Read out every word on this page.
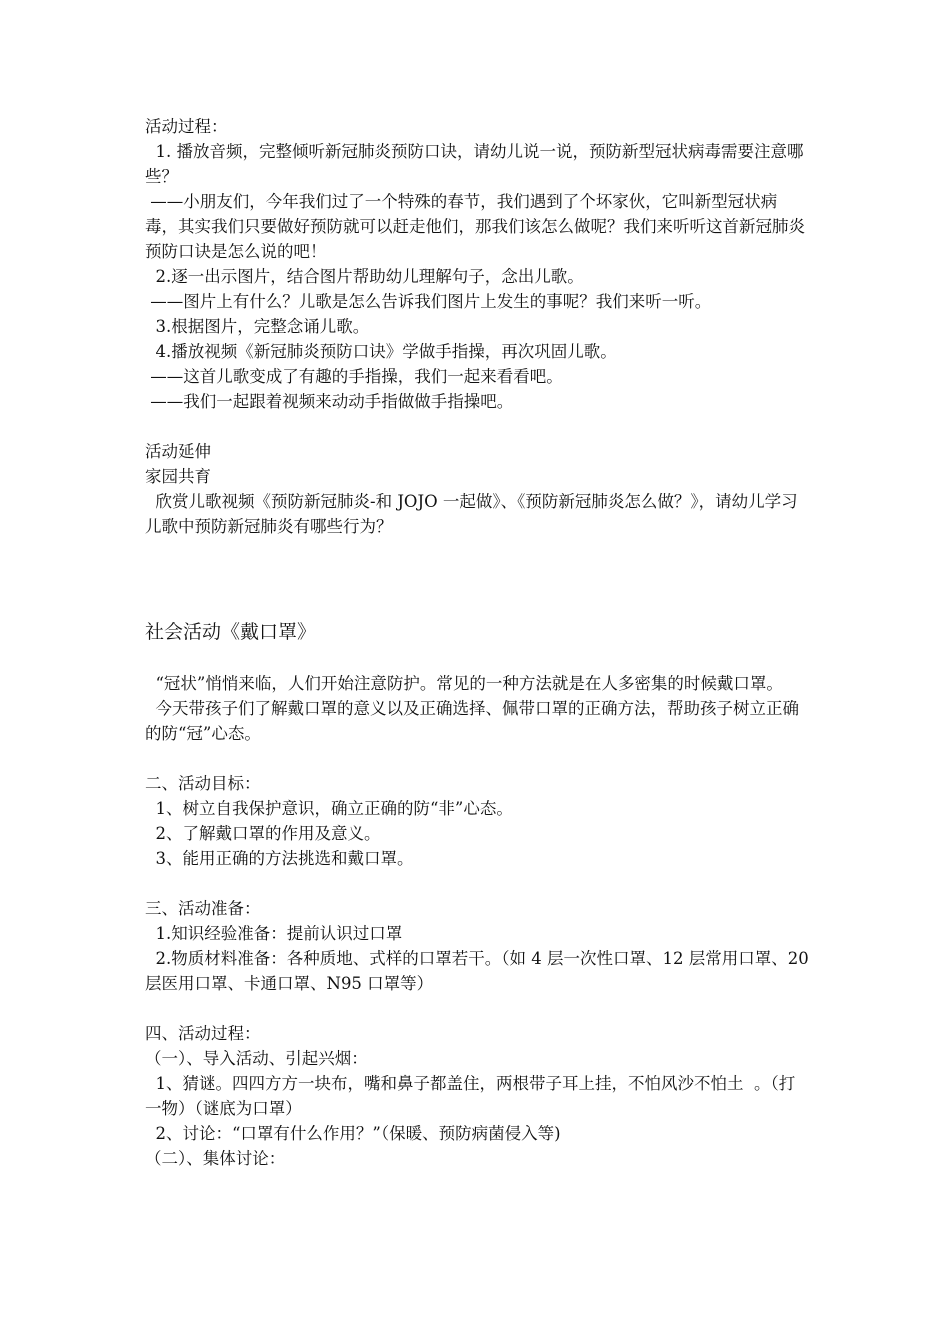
活动过程：
1. 播放音频，完整倾听新冠肺炎预防口诀，请幼儿说一说，预防新型冠状病毒需要注意哪些？
——小朋友们，今年我们过了一个特殊的春节，我们遇到了个坏家伙，它叫新型冠状病毒，其实我们只要做好预防就可以赶走他们，那我们该怎么做呢？我们来听听这首新冠肺炎预防口诀是怎么说的吧！
2.逐一出示图片，结合图片帮助幼儿理解句子，念出儿歌。
——图片上有什么？儿歌是怎么告诉我们图片上发生的事呢？我们来听一听。
3.根据图片，完整念诵儿歌。
4.播放视频《新冠肺炎预防口诀》学做手指操，再次巩固儿歌。
——这首儿歌变成了有趣的手指操，我们一起来看看吧。
——我们一起跟着视频来动动手指做做手指操吧。
活动延伸
家园共育
欣赏儿歌视频《预防新冠肺炎-和 JOJO 一起做》、《预防新冠肺炎怎么做？》，请幼儿学习儿歌中预防新冠肺炎有哪些行为？
社会活动《戴口罩》
“冠状”悄悄来临，人们开始注意防护。常见的一种方法就是在人多密集的时候戴口罩。
今天带孩子们了解戴口罩的意义以及正确选择、佩带口罩的正确方法，帮助孩子树立正确的防“冠”心态。
二、活动目标：
1、树立自我保护意识，确立正确的防“非”心态。
2、了解戴口罩的作用及意义。
3、能用正确的方法挑选和戴口罩。
三、活动准备：
1.知识经验准备：提前认识过口罩
2.物质材料准备：各种质地、式样的口罩若干。（如 4 层一次性口罩、12 层常用口罩、20 层医用口罩、卡通口罩、N95 口罩等）
四、活动过程：
（一）、导入活动、引起兴烟：
1、猜谜。四四方方一块布，嘴和鼻子都盖住，两根带子耳上挂，不怕风沙不怕土  。（打一物）（谜底为口罩）
2、讨论：“口罩有什么作用？”（保暖、预防病菌侵入等)
（二）、集体讨论：
